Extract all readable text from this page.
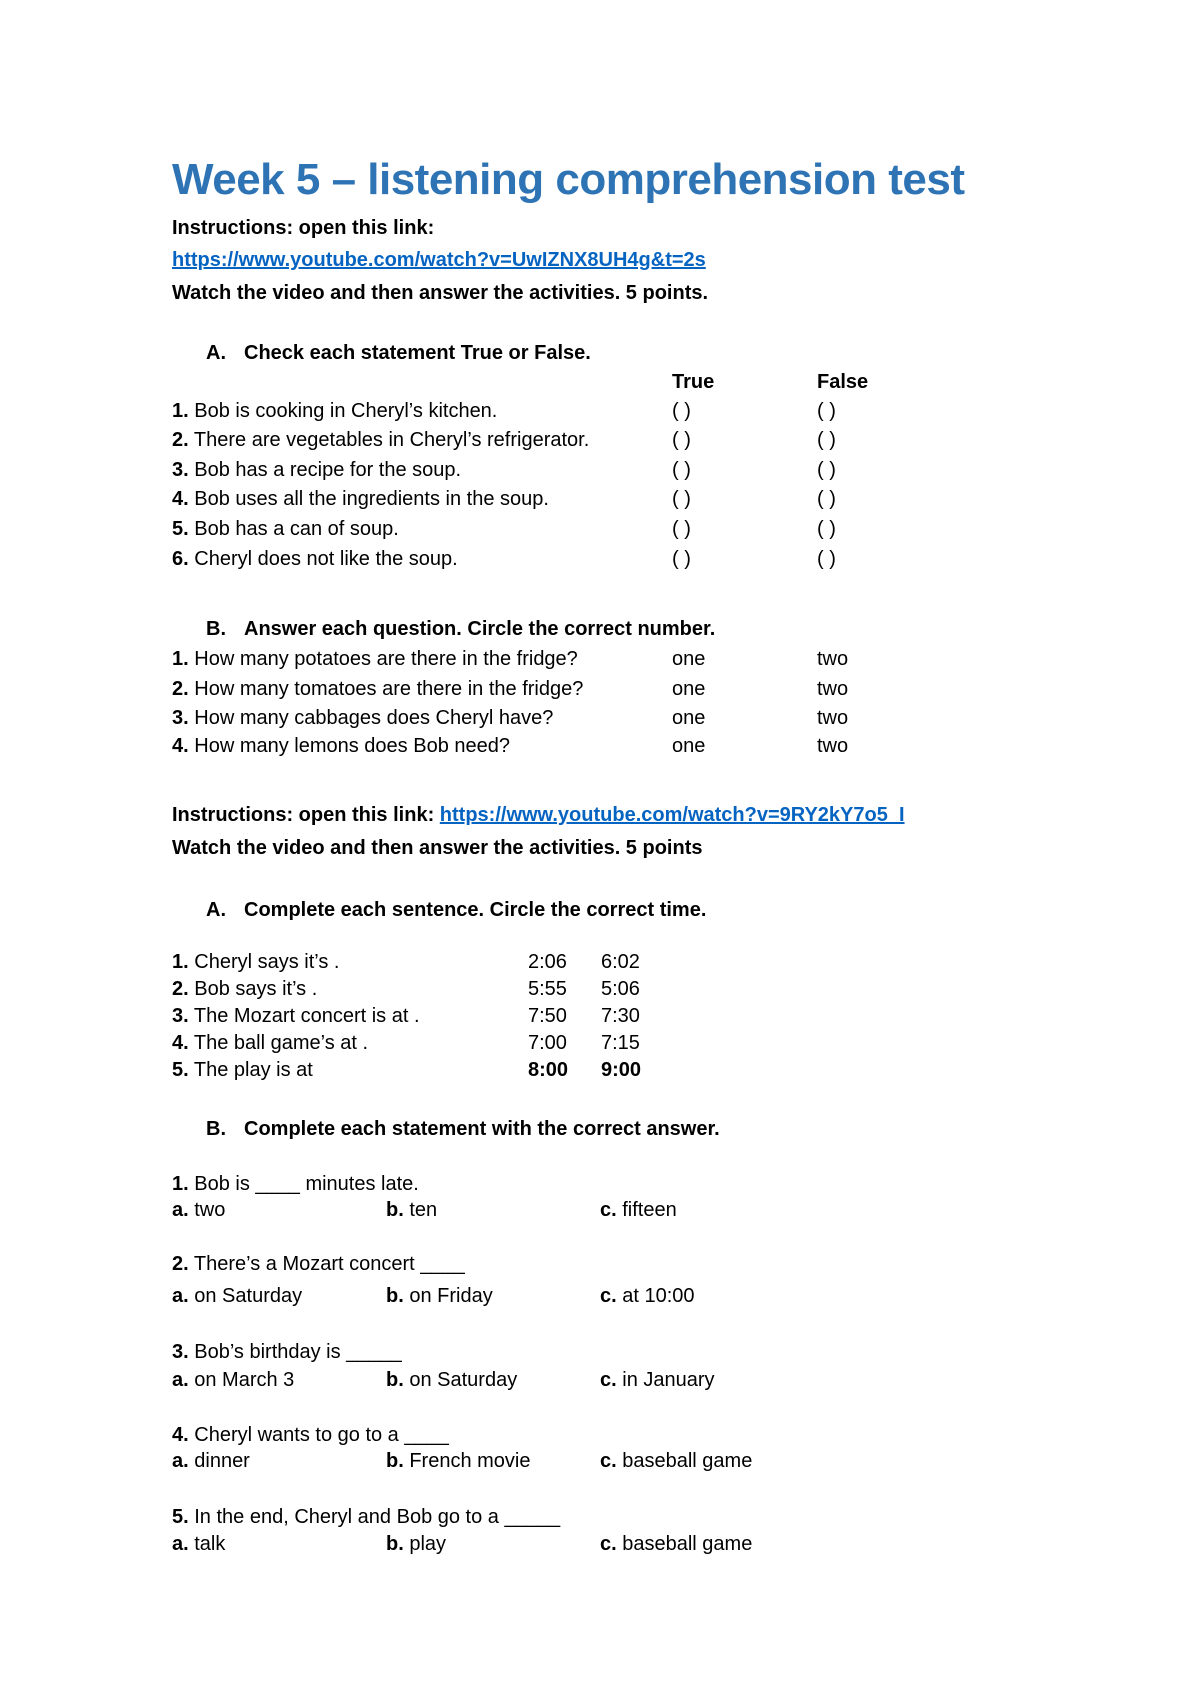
Week 5 – listening comprehension test
Instructions: open this link:
https://www.youtube.com/watch?v=UwIZNX8UH4g&t=2s
Watch the video and then answer the activities. 5 points.
A. Check each statement True or False.
True	False
1. Bob is cooking in Cheryl’s kitchen.	( )	( )
2. There are vegetables in Cheryl’s refrigerator.	( )	( )
3. Bob has a recipe for the soup.	( )	( )
4. Bob uses all the ingredients in the soup.	( )	( )
5. Bob has a can of soup.	( )	( )
6. Cheryl does not like the soup.	( )	( )
B. Answer each question. Circle the correct number.
1. How many potatoes are there in the fridge?	one	two
2. How many tomatoes are there in the fridge?	one	two
3. How many cabbages does Cheryl have?	one	two
4. How many lemons does Bob need?	one	two
Instructions: open this link: https://www.youtube.com/watch?v=9RY2kY7o5_I
Watch the video and then answer the activities. 5 points
A. Complete each sentence. Circle the correct time.
1. Cheryl says it’s .	2:06 6:02
2. Bob says it’s .	5:55 5:06
3. The Mozart concert is at .	7:50 7:30
4. The ball game’s at .	7:00 7:15
5. The play is at	8:00 9:00
B. Complete each statement with the correct answer.
1. Bob is ____ minutes late.
a. two	b. ten	c. fifteen
2. There’s a Mozart concert ____
a. on Saturday	b. on Friday	c. at 10:00
3. Bob’s birthday is _____
a. on March 3	b. on Saturday	c. in January
4. Cheryl wants to go to a ____
a. dinner	b. French movie	c. baseball game
5. In the end, Cheryl and Bob go to a _____
a. talk	b. play	c. baseball game
